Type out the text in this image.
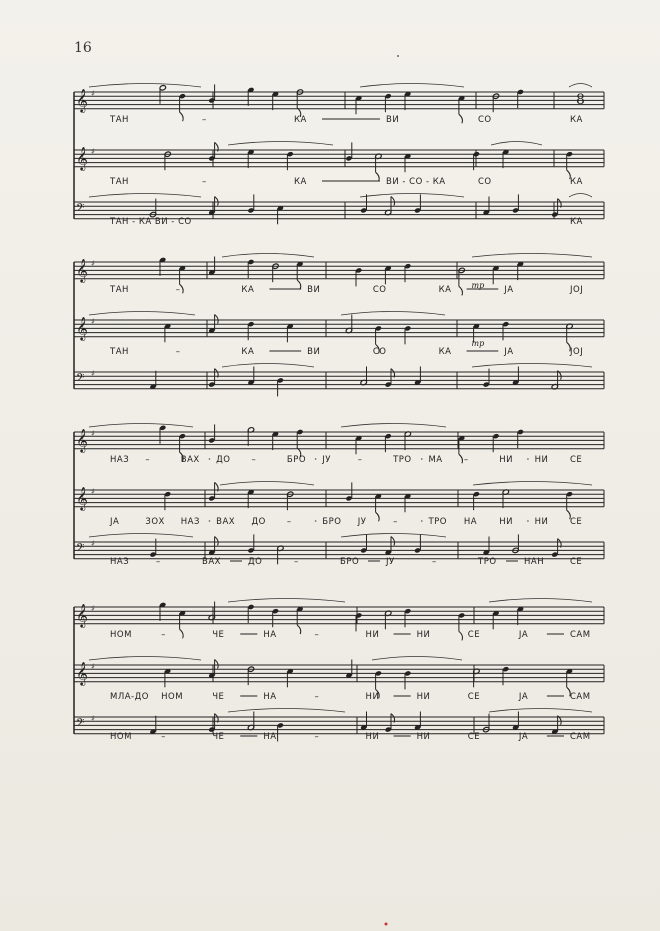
16
𝄞 ♯	8
ТАН	–	КА	ВИ	СО	КА
𝄞 ♯
ТАН	–	КА	ВИ - СО - КА	СО	КА
𝄢
ТАН - КА ВИ - СО	КА
𝄞 ♯
mp
ТАН	–	КА	ВИ	СО	КА	ЈА	ЈОЈ
𝄞 ♯
mp
ТАН	–	КА	ВИ	СО	КА	ЈА	ЈОЈ
𝄢 ♯
𝄞 ♯
НАЗ –	ВАХ ДО –	БРО ЈУ	–	ТРО МА –	НИ	НИ	СЕ
𝄞 ♯
ЈА	ЗОХ НАЗ ВАХ ДО –	БРО ЈУ	–	ТРО НА	НИ	НИ	СЕ
𝄢 ♯
НАЗ	–	ВАХ	ДО	–	БРО	ЈУ	–	ТРО	НАН	СЕ
𝄞 ♯
НОМ	–	ЧЕ	НА	–	НИ	НИ	СЕ	ЈА	САМ
𝄞 ♯
МЛА-ДО НОМ	ЧЕ	НА	–	НИ	НИ	СЕ	ЈА	САМ
𝄢 ♯
НОМ	–	ЧЕ	НА	–	НИ	НИ	СЕ	ЈА	САМ
